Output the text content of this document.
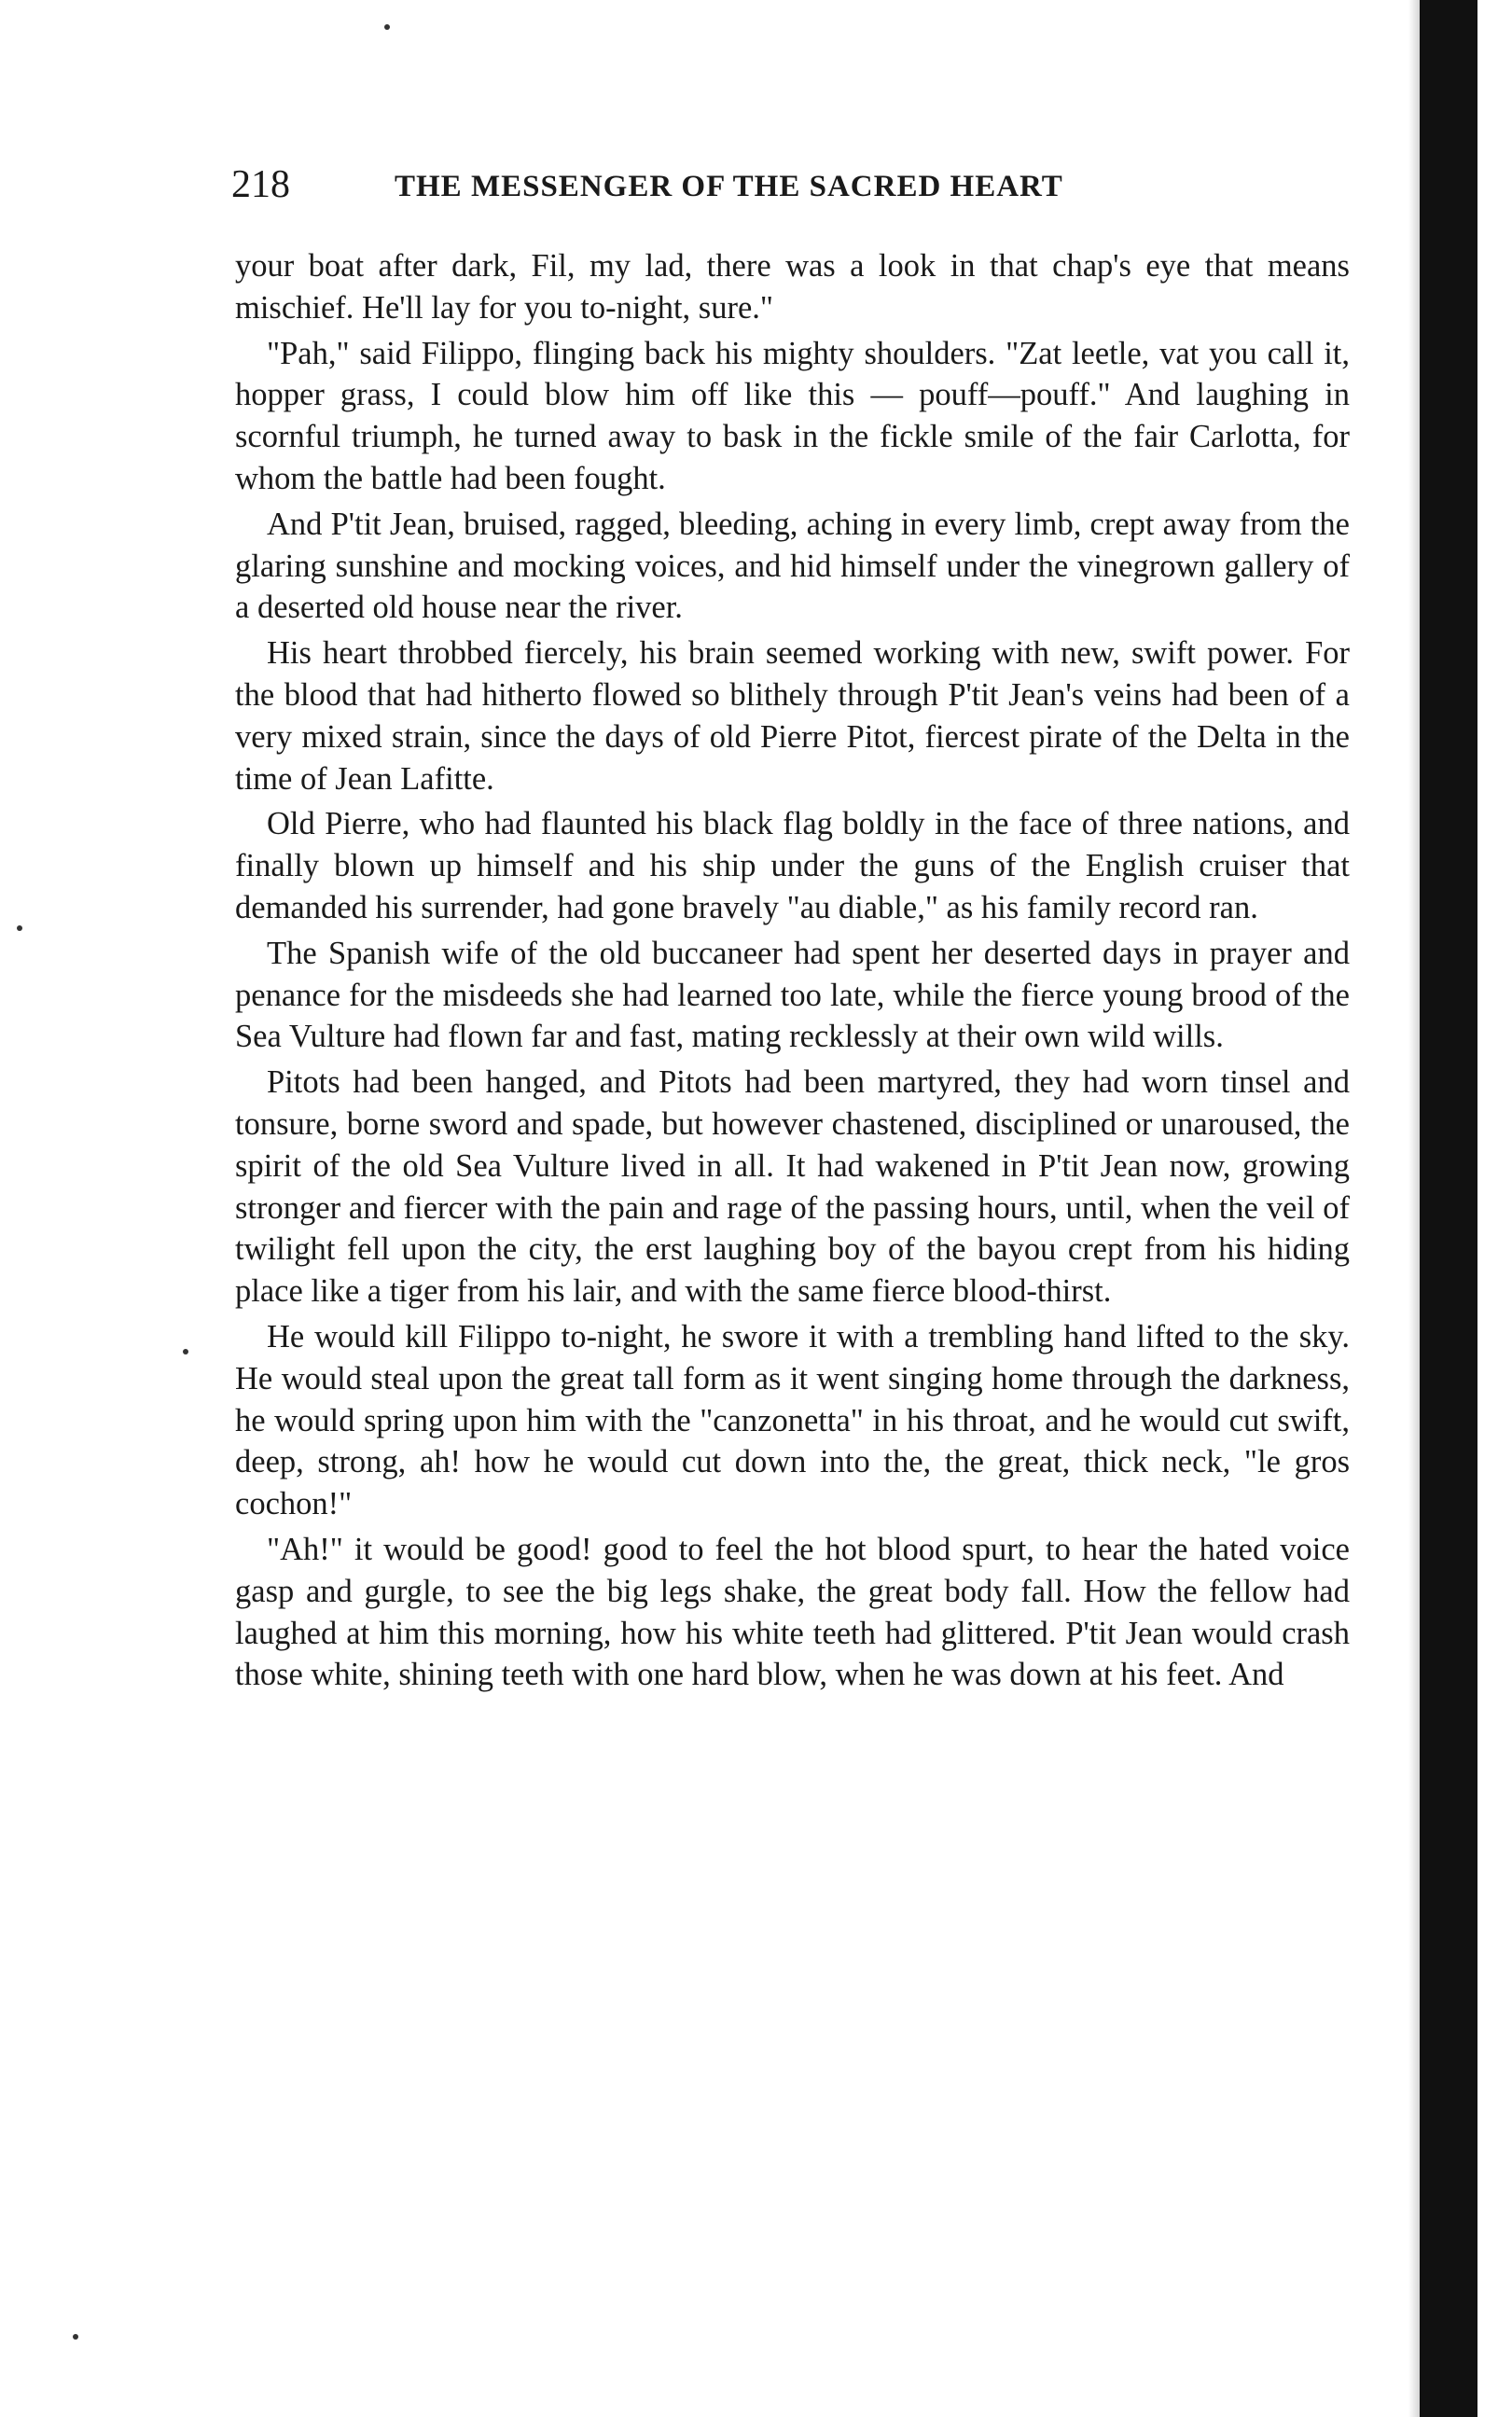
218	THE MESSENGER OF THE SACRED HEART

your boat after dark, Fil, my lad, there was a look in that chap's eye that means mischief. He'll lay for you to-night, sure."

"Pah," said Filippo, flinging back his mighty shoulders. "Zat leetle, vat you call it, hopper grass, I could blow him off like this — pouff—pouff." And laughing in scornful triumph, he turned away to bask in the fickle smile of the fair Carlotta, for whom the battle had been fought.

And P'tit Jean, bruised, ragged, bleeding, aching in every limb, crept away from the glaring sunshine and mocking voices, and hid himself under the vinegrown gallery of a deserted old house near the river.

His heart throbbed fiercely, his brain seemed working with new, swift power. For the blood that had hitherto flowed so blithely through P'tit Jean's veins had been of a very mixed strain, since the days of old Pierre Pitot, fiercest pirate of the Delta in the time of Jean Lafitte.

Old Pierre, who had flaunted his black flag boldly in the face of three nations, and finally blown up himself and his ship under the guns of the English cruiser that demanded his surrender, had gone bravely "au diable," as his family record ran.

The Spanish wife of the old buccaneer had spent her deserted days in prayer and penance for the misdeeds she had learned too late, while the fierce young brood of the Sea Vulture had flown far and fast, mating recklessly at their own wild wills.

Pitots had been hanged, and Pitots had been martyred, they had worn tinsel and tonsure, borne sword and spade, but however chastened, disciplined or unaroused, the spirit of the old Sea Vulture lived in all. It had wakened in P'tit Jean now, growing stronger and fiercer with the pain and rage of the passing hours, until, when the veil of twilight fell upon the city, the erst laughing boy of the bayou crept from his hiding place like a tiger from his lair, and with the same fierce blood-thirst.

He would kill Filippo to-night, he swore it with a trembling hand lifted to the sky. He would steal upon the great tall form as it went singing home through the darkness, he would spring upon him with the "canzonetta" in his throat, and he would cut swift, deep, strong, ah! how he would cut down into the, the great, thick neck, "le gros cochon!"

"Ah!" it would be good! good to feel the hot blood spurt, to hear the hated voice gasp and gurgle, to see the big legs shake, the great body fall. How the fellow had laughed at him this morning, how his white teeth had glittered. P'tit Jean would crash those white, shining teeth with one hard blow, when he was down at his feet. And
